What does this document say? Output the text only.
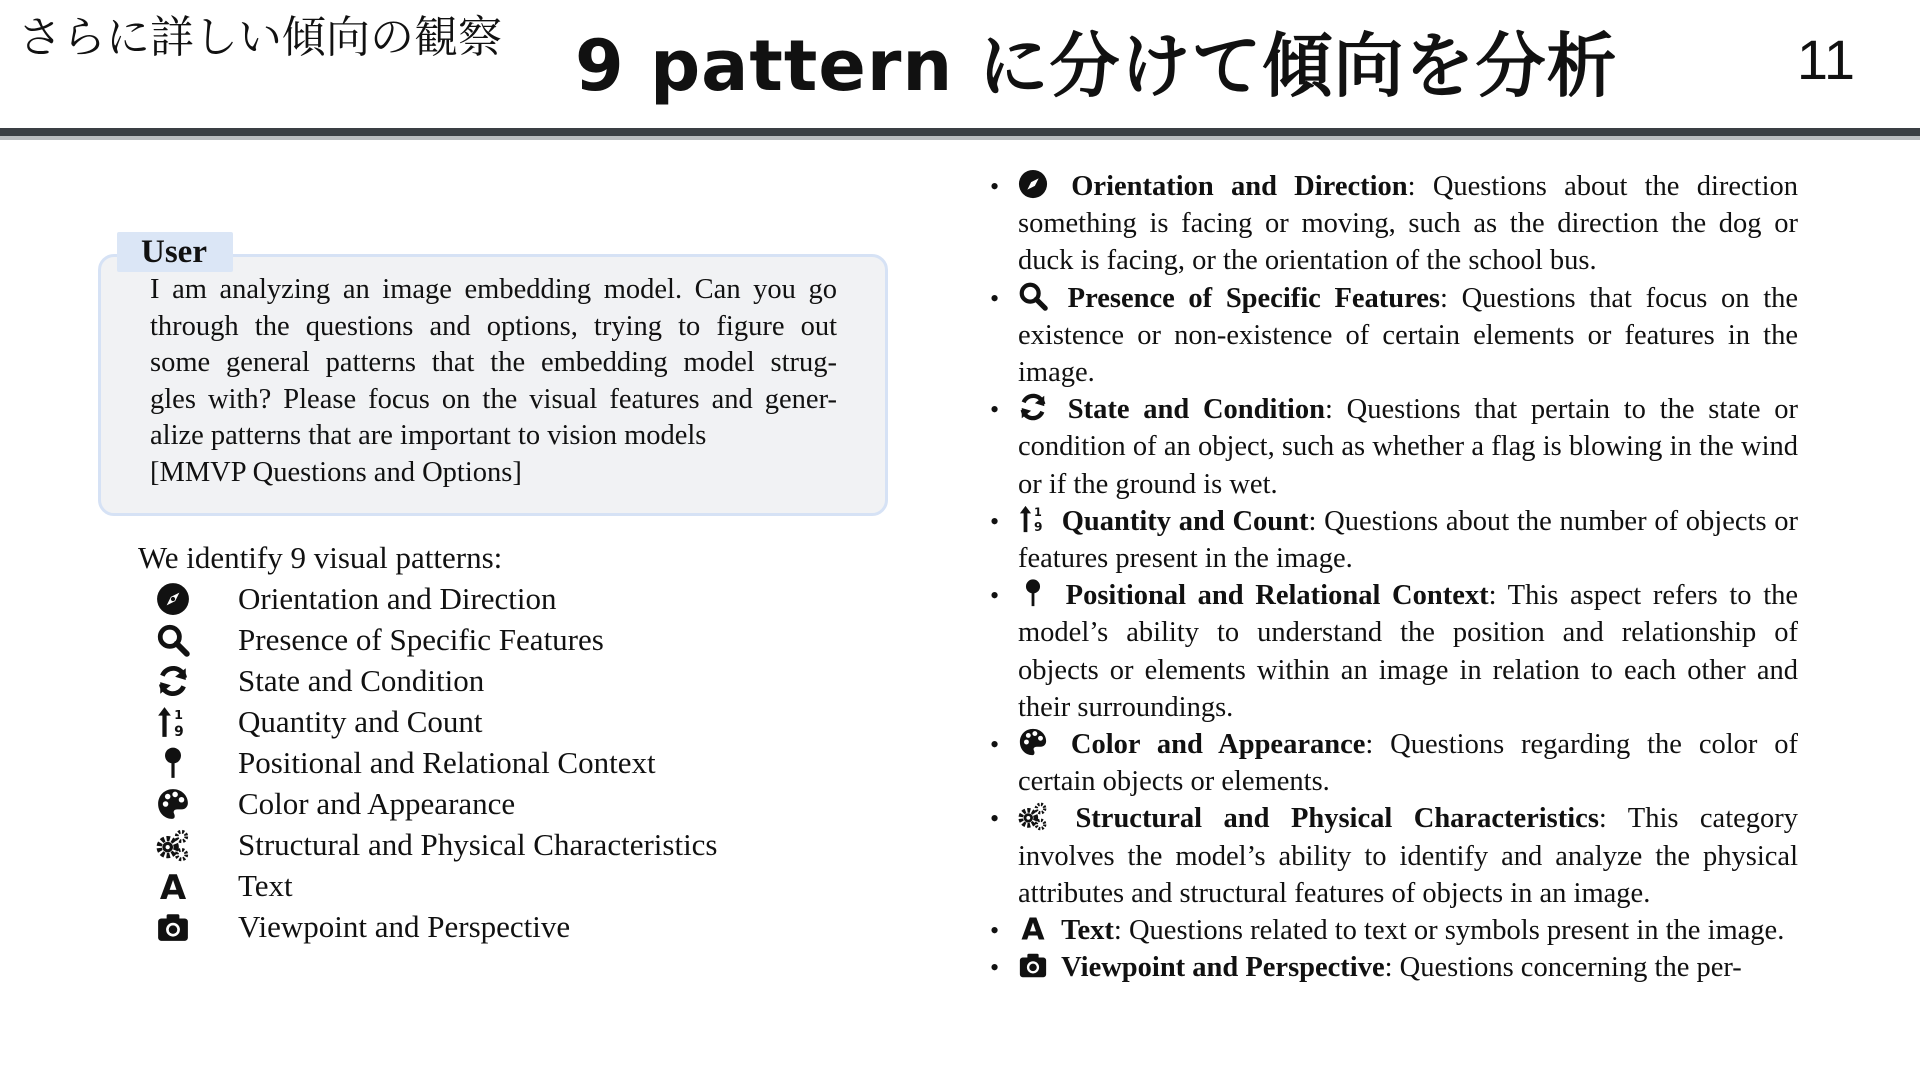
さらに詳しい傾向の観察 9 pattern に分けて傾向を分析	11
User
I am analyzing an image embedding model. Can you go
through the questions and options, trying to figure out
some general patterns that the embedding model strug-
gles with? Please focus on the visual features and gener-
alize patterns that are important to vision models
[MMVP Questions and Options]
We identify 9 visual patterns:
Orientation and Direction
Presence of Specific Features
State and Condition
1
9 Quantity and Count
Positional and Relational Context
Color and Appearance
Structural and Physical Characteristics
A Text
Viewpoint and Perspective
•	Orientation and Direction: Questions about the direction something is facing or moving, such as the direction the dog or duck is facing, or the orientation of the school bus.
• Presence of Specific Features: Questions that focus on the existence or non-existence of certain elements or features in the image.
• State and Condition: Questions that pertain to the state or condition of an object, such as whether a flag is blowing in the wind or if the ground is wet.
•	1
9 Quantity and Count: Questions about the number of objects or features present in the image.
• Positional and Relational Context: This aspect refers to the model’s ability to understand the position and relationship of objects or elements within an image in relation to each other and their surroundings.
•	Color and Appearance: Questions regarding the color of certain objects or elements.
•	Structural and Physical Characteristics: This category involves the model’s ability to identify and analyze the physical attributes and structural features of objects in an image.
• A Text: Questions related to text or symbols present in the image.
• Viewpoint and Perspective: Questions concerning the per-
